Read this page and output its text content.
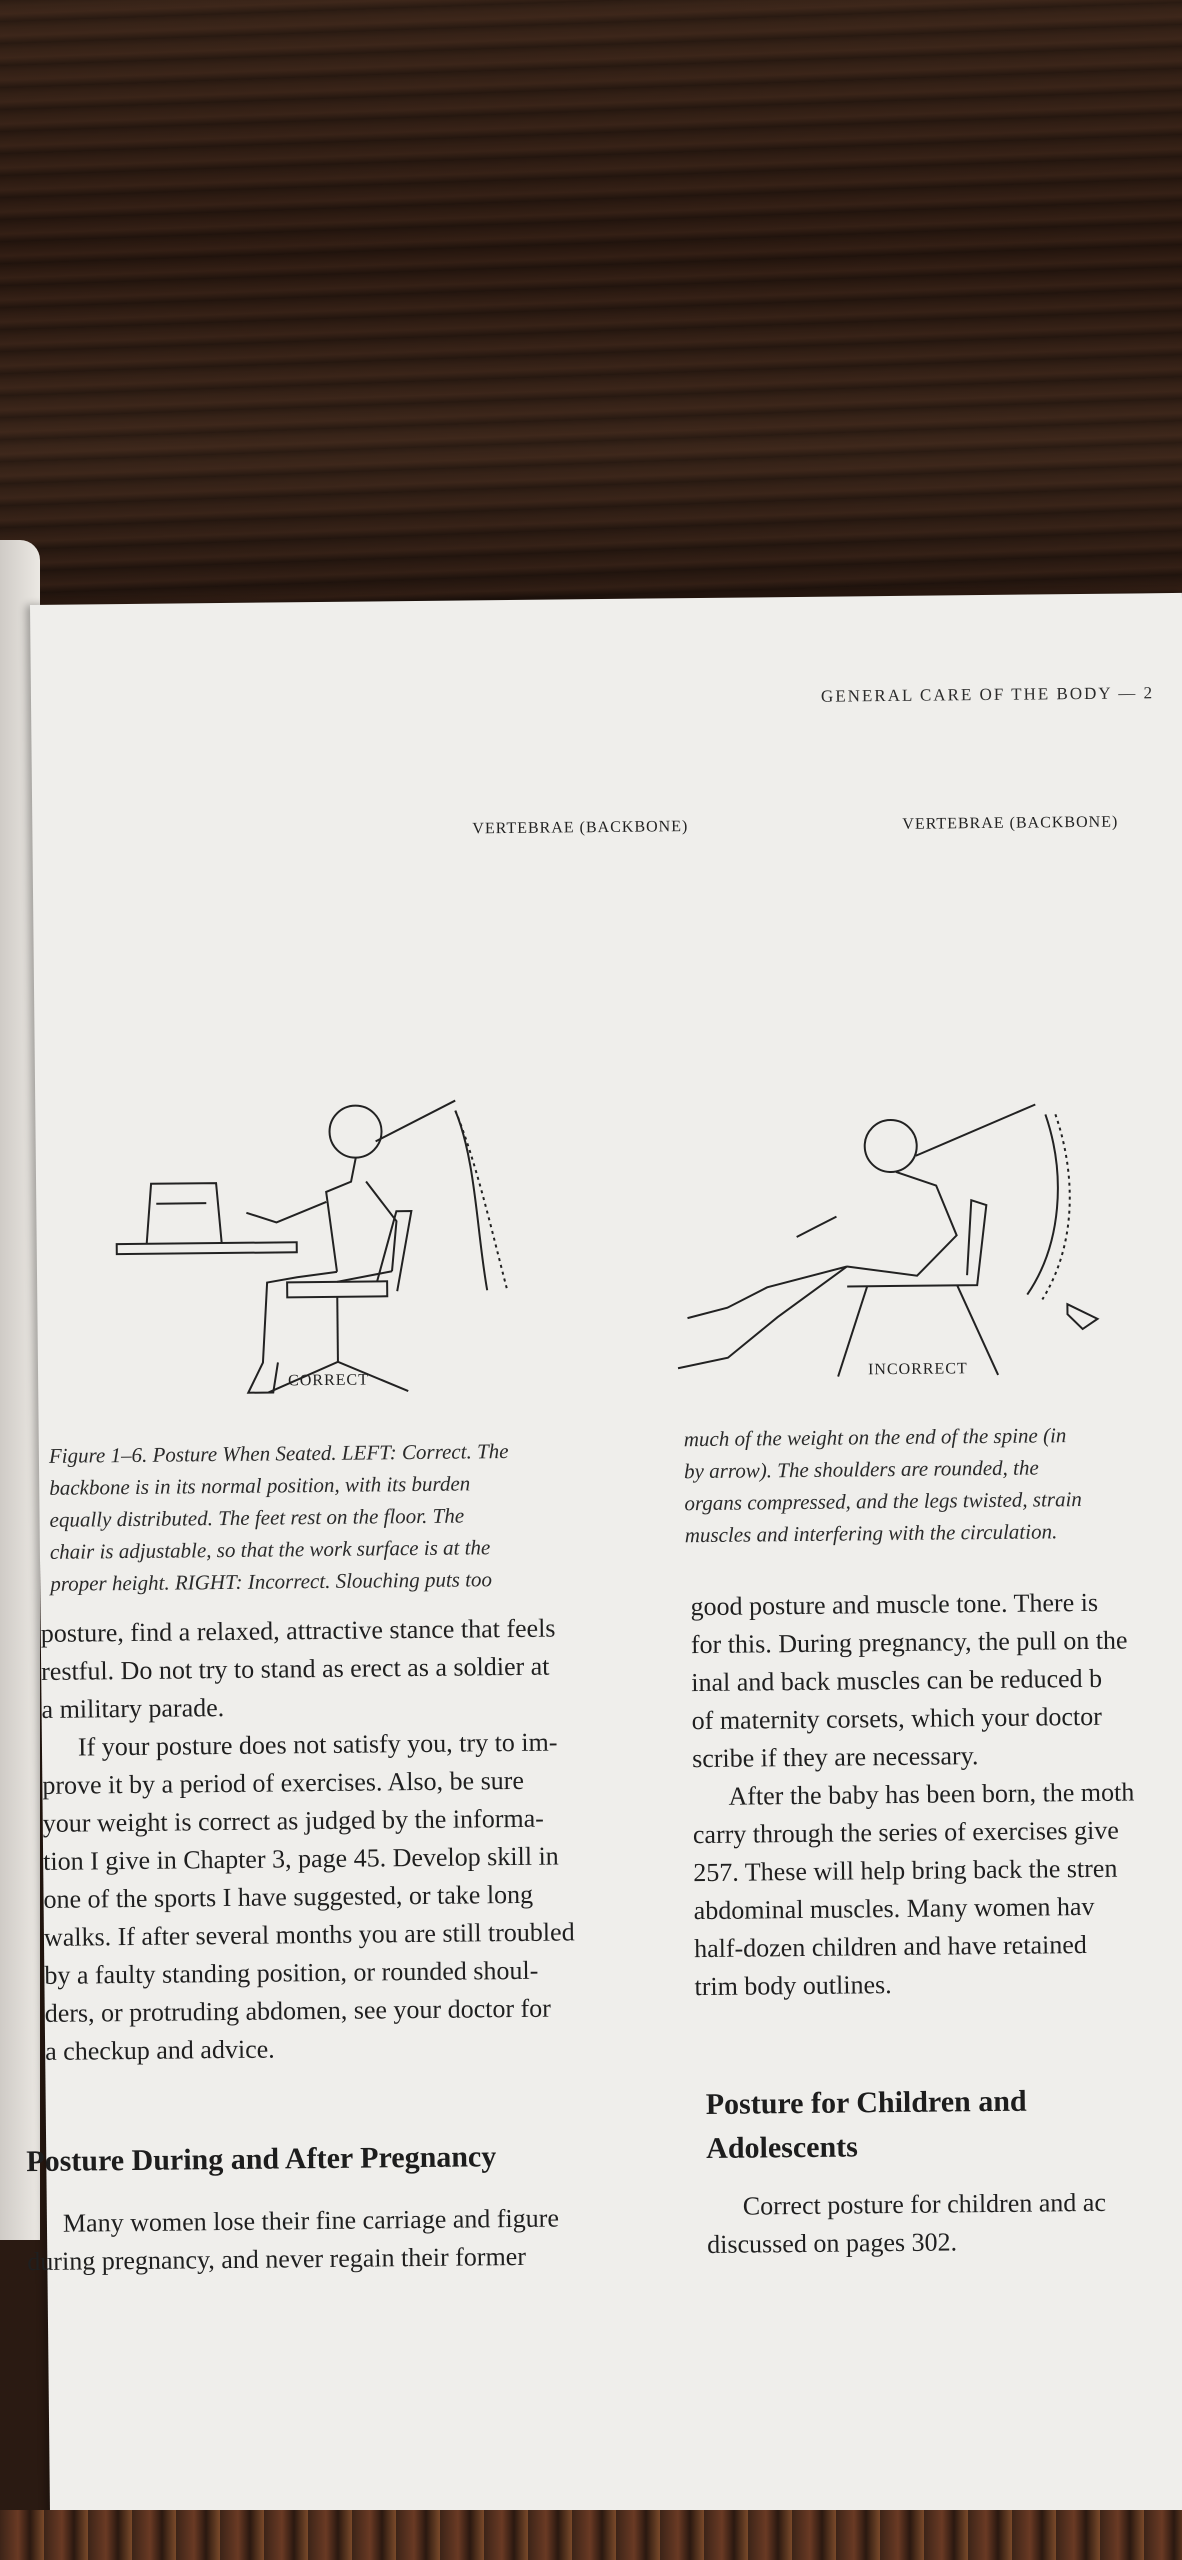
GENERAL CARE OF THE BODY — 2
VERTEBRAE (BACKBONE)	VERTEBRAE (BACKBONE)
CORRECT
INCORRECT
Figure 1–6. Posture When Seated. LEFT: Correct. The
backbone is in its normal position, with its burden
equally distributed. The feet rest on the floor. The
chair is adjustable, so that the work surface is at the
proper height. RIGHT: Incorrect. Slouching puts too
much of the weight on the end of the spine (in
by arrow). The shoulders are rounded, the
organs compressed, and the legs twisted, strain
muscles and interfering with the circulation.

posture, find a relaxed, attractive stance that feels
restful. Do not try to stand as erect as a soldier at
a military parade.

If your posture does not satisfy you, try to im-
prove it by a period of exercises. Also, be sure
your weight is correct as judged by the informa-
tion I give in Chapter 3, page 45. Develop skill in
one of the sports I have suggested, or take long
walks. If after several months you are still troubled
by a faulty standing position, or rounded shoul-
ders, or protruding abdomen, see your doctor for
a checkup and advice.

Posture During and After Pregnancy
Many women lose their fine carriage and figure
during pregnancy, and never regain their former
good posture and muscle tone. There is
for this. During pregnancy, the pull on the
inal and back muscles can be reduced b
of maternity corsets, which your doctor
scribe if they are necessary.
After the baby has been born, the moth
carry through the series of exercises give
257. These will help bring back the stren
abdominal muscles. Many women hav
half-dozen children and have retained
trim body outlines.
Posture for Children and
Adolescents
Correct posture for children and ac
discussed on pages 302.
